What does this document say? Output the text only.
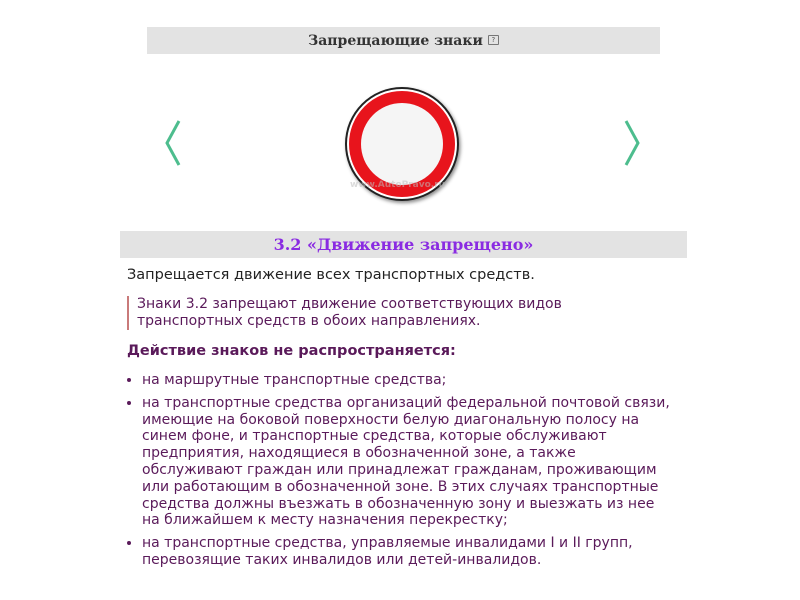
Запрещающие знаки	?
www.AutoPravo.ru
3.2 «Движение запрещено»

Запрещается движение всех транспортных средств.

Знаки 3.2 запрещают движение соответствующих видов транспортных средств в обоих направлениях.
Действие знаков не распространяется:
на маршрутные транспортные средства;
на транспортные средства организаций федеральной почтовой связи, имеющие на боковой поверхности белую диагональную полосу на синем фоне, и транспортные средства, которые обслуживают предприятия, находящиеся в обозначенной зоне, а также обслуживают граждан или принадлежат гражданам, проживающим или работающим в обозначенной зоне. В этих случаях транспортные средства должны въезжать в обозначенную зону и выезжать из нее на ближайшем к месту назначения перекрестку;
на транспортные средства, управляемые инвалидами I и II групп, перевозящие таких инвалидов или детей-инвалидов.
